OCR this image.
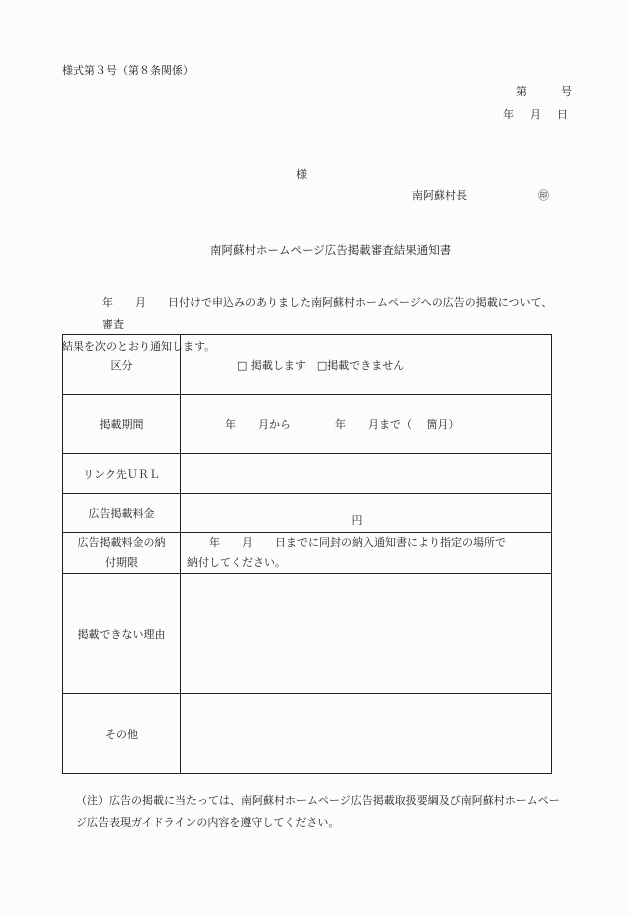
様式第３号（第８条関係）
第	号
年 月 日
様
南阿蘇村長	㊞
南阿蘇村ホームページ広告掲載審査結果通知書
年　　月　　日付けで申込みのありました南阿蘇村ホームページへの広告の掲載について、審査
結果を次のとおり通知します。
区分	□ 掲載します　□掲載できません
掲載期間	年　　月から　　　　年　　月まで（　 箇月）
リンク先ＵＲＬ	
広告掲載料金	円

広告掲載料金の納
付期限	　　年　　月　　日までに同封の納入通知書により指定の場所で
納付してください。

掲載できない理由	
その他	
（注）広告の掲載に当たっては、南阿蘇村ホームページ広告掲載取扱要綱及び南阿蘇村ホームペー
ジ広告表現ガイドラインの内容を遵守してください。
